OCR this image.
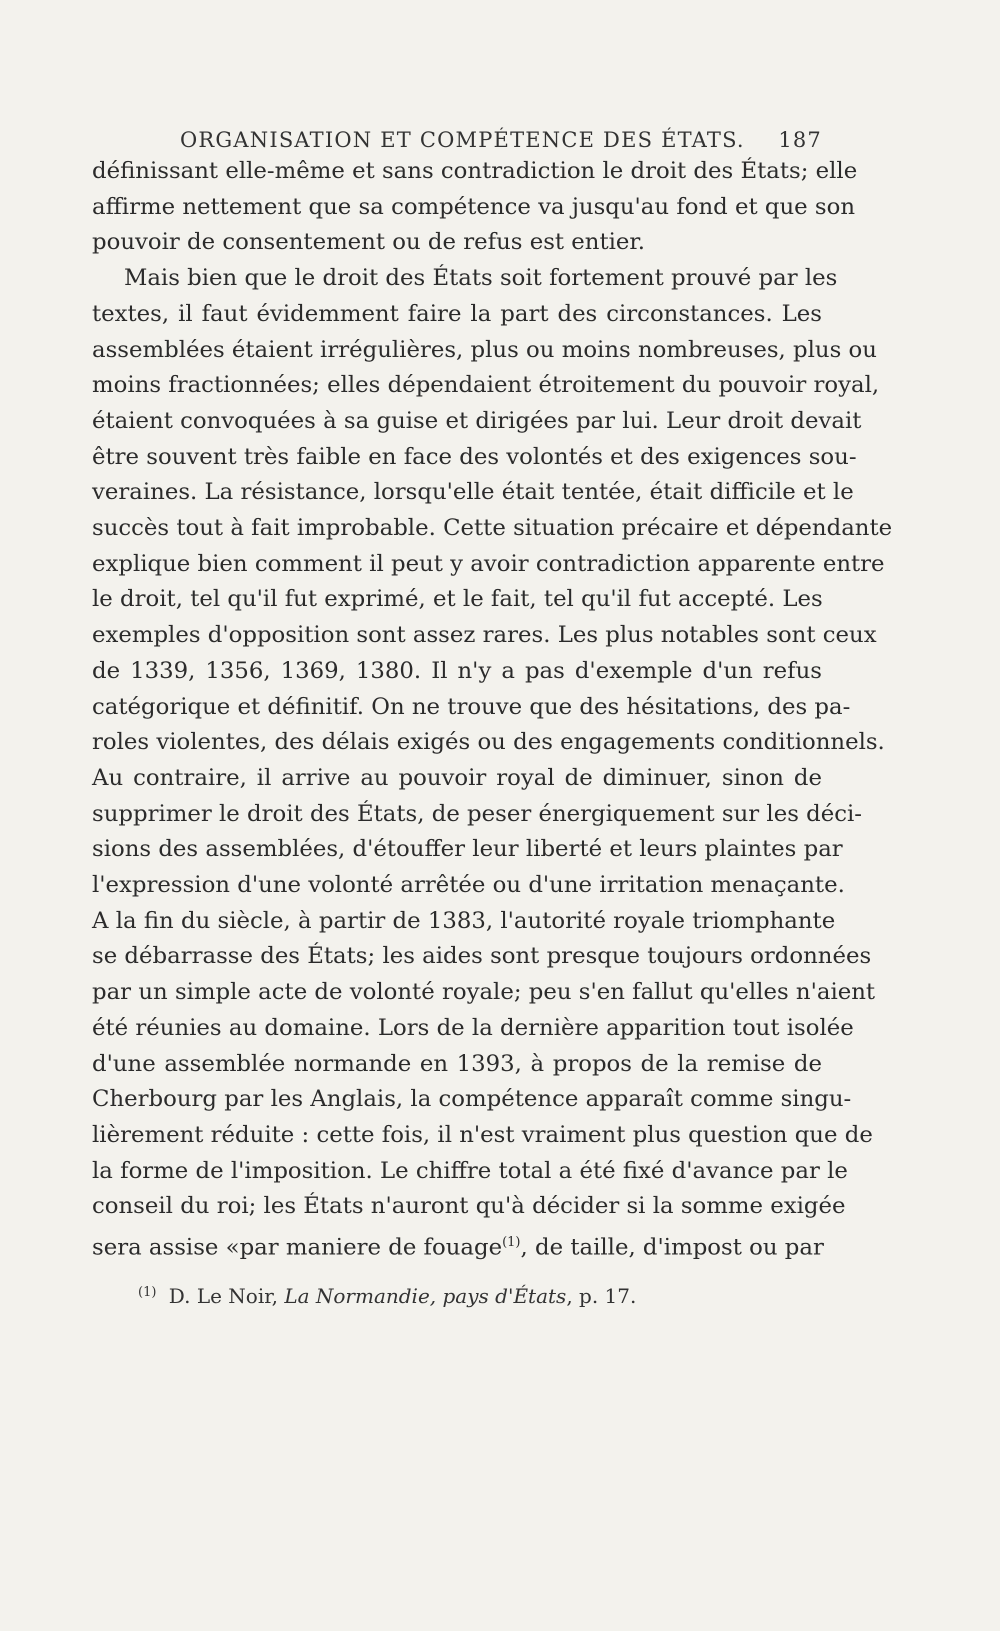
ORGANISATION ET COMPÉTENCE DES ÉTATS. 187
définissant elle-même et sans contradiction le droit des États; elle
affirme nettement que sa compétence va jusqu'au fond et que son
pouvoir de consentement ou de refus est entier.
Mais bien que le droit des États soit fortement prouvé par les
textes, il faut évidemment faire la part des circonstances. Les
assemblées étaient irrégulières, plus ou moins nombreuses, plus ou
moins fractionnées; elles dépendaient étroitement du pouvoir royal,
étaient convoquées à sa guise et dirigées par lui. Leur droit devait
être souvent très faible en face des volontés et des exigences sou-
veraines. La résistance, lorsqu'elle était tentée, était difficile et le
succès tout à fait improbable. Cette situation précaire et dépendante
explique bien comment il peut y avoir contradiction apparente entre
le droit, tel qu'il fut exprimé, et le fait, tel qu'il fut accepté. Les
exemples d'opposition sont assez rares. Les plus notables sont ceux
de 1339, 1356, 1369, 1380. Il n'y a pas d'exemple d'un refus
catégorique et définitif. On ne trouve que des hésitations, des pa-
roles violentes, des délais exigés ou des engagements conditionnels.
Au contraire, il arrive au pouvoir royal de diminuer, sinon de
supprimer le droit des États, de peser énergiquement sur les déci-
sions des assemblées, d'étouffer leur liberté et leurs plaintes par
l'expression d'une volonté arrêtée ou d'une irritation menaçante.
A la fin du siècle, à partir de 1383, l'autorité royale triomphante
se débarrasse des États; les aides sont presque toujours ordonnées
par un simple acte de volonté royale; peu s'en fallut qu'elles n'aient
été réunies au domaine. Lors de la dernière apparition tout isolée
d'une assemblée normande en 1393, à propos de la remise de
Cherbourg par les Anglais, la compétence apparaît comme singu-
lièrement réduite : cette fois, il n'est vraiment plus question que de
la forme de l'imposition. Le chiffre total a été fixé d'avance par le
conseil du roi; les États n'auront qu'à décider si la somme exigée
sera assise «par maniere de fouage$^{(1)}$, de taille, d'impost ou par
$^{(1)}$ D. Le Noir, La Normandie, pays d'États, p. 17.
